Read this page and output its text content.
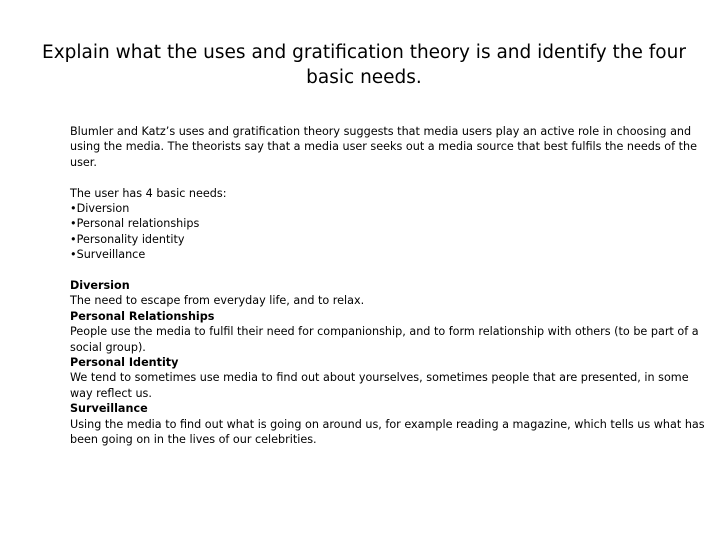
Explain what the uses and gratification theory is and identify the four basic needs.

Blumler and Katz’s uses and gratification theory suggests that media users play an active role in choosing and using the media. The theorists say that a media user seeks out a media source that best fulfils the needs of the user.

The user has 4 basic needs:

•Diversion
•Personal relationships
•Personality identity
•Surveillance

Diversion

The need to escape from everyday life, and to relax.

Personal Relationships

People use the media to fulfil their need for companionship, and to form relationship with others (to be part of a social group).

Personal Identity

We tend to sometimes use media to find out about yourselves, sometimes people that are presented, in some way reflect us.

Surveillance

Using the media to find out what is going on around us, for example reading a magazine, which tells us what has been going on in the lives of our celebrities.
